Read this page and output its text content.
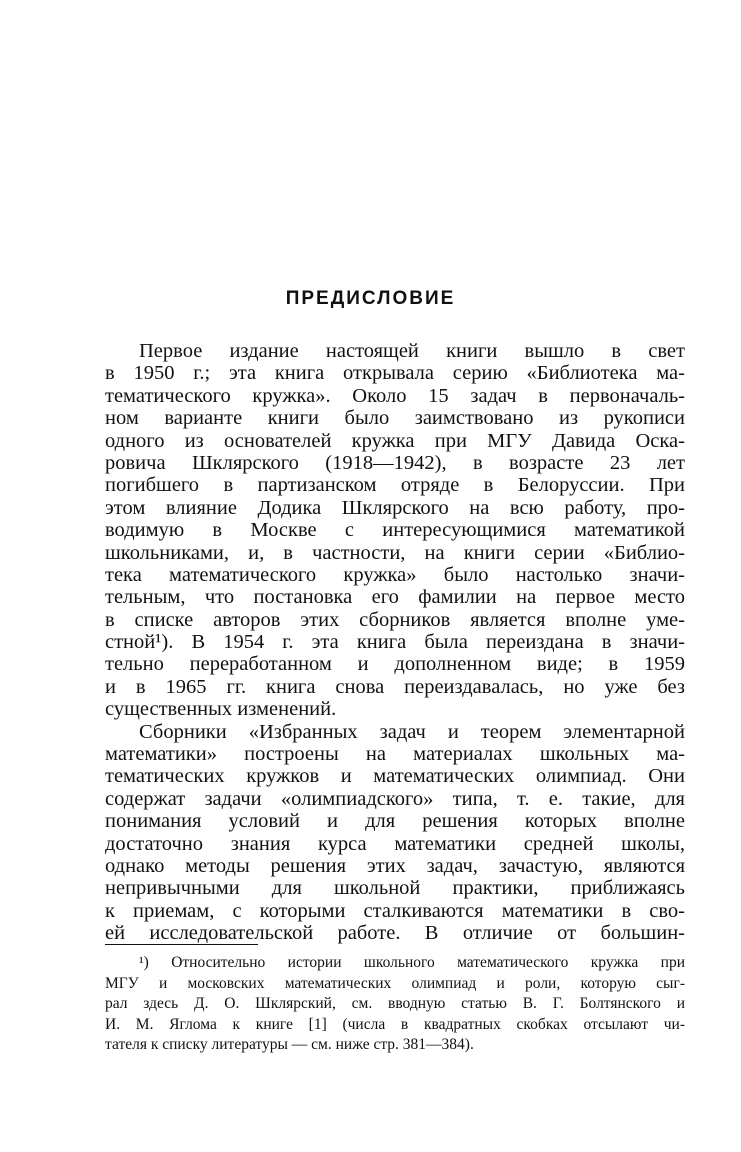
ПРЕДИСЛОВИЕ
Первое издание настоящей книги вышло в свет
в 1950 г.; эта книга открывала серию «Библиотека ма-
тематического кружка». Около 15 задач в первоначаль-
ном варианте книги было заимствовано из рукописи
одного из основателей кружка при МГУ Давида Оска-
ровича Шклярского (1918—1942), в возрасте 23 лет
погибшего в партизанском отряде в Белоруссии. При
этом влияние Додика Шклярского на всю работу, про-
водимую в Москве с интересующимися математикой
школьниками, и, в частности, на книги серии «Библио-
тека математического кружка» было настолько значи-
тельным, что постановка его фамилии на первое место
в списке авторов этих сборников является вполне уме-
стной¹). В 1954 г. эта книга была переиздана в значи-
тельно переработанном и дополненном виде; в 1959
и в 1965 гг. книга снова переиздавалась, но уже без
существенных изменений.
Сборники «Избранных задач и теорем элементарной
математики» построены на материалах школьных ма-
тематических кружков и математических олимпиад. Они
содержат задачи «олимпиадского» типа, т. е. такие, для
понимания условий и для решения которых вполне
достаточно знания курса математики средней школы,
однако методы решения этих задач, зачастую, являются
непривычными для школьной практики, приближаясь
к приемам, с которыми сталкиваются математики в сво-
ей исследовательской работе. В отличие от большин-
¹) Относительно истории школьного математического кружка при
МГУ и московских математических олимпиад и роли, которую сыг-
рал здесь Д. О. Шклярский, см. вводную статью В. Г. Болтянского и
И. М. Яглома к книге [1] (числа в квадратных скобках отсылают чи-
тателя к списку литературы — см. ниже стр. 381—384).
